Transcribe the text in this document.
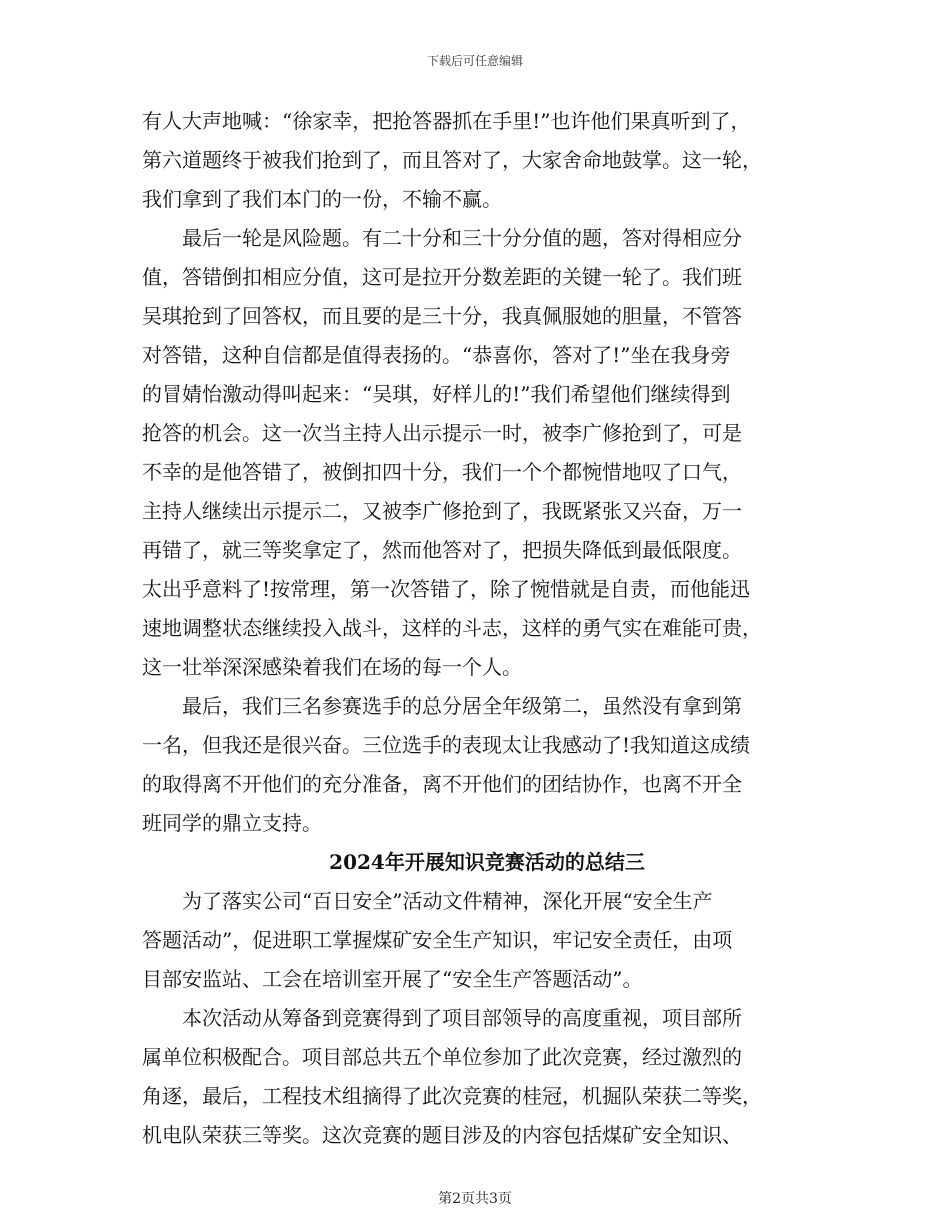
下载后可任意编辑
有人大声地喊：“徐家幸，把抢答器抓在手里!”也许他们果真听到了，
第六道题终于被我们抢到了，而且答对了，大家舍命地鼓掌。这一轮，
我们拿到了我们本门的一份，不输不赢。
　　最后一轮是风险题。有二十分和三十分分值的题，答对得相应分
值，答错倒扣相应分值，这可是拉开分数差距的关键一轮了。我们班
吴琪抢到了回答权，而且要的是三十分，我真佩服她的胆量，不管答
对答错，这种自信都是值得表扬的。“恭喜你，答对了!”坐在我身旁
的冒婧怡激动得叫起来：“吴琪，好样儿的!”我们希望他们继续得到
抢答的机会。这一次当主持人出示提示一时，被李广修抢到了，可是
不幸的是他答错了，被倒扣四十分，我们一个个都惋惜地叹了口气，
主持人继续出示提示二，又被李广修抢到了，我既紧张又兴奋，万一
再错了，就三等奖拿定了，然而他答对了，把损失降低到最低限度。
太出乎意料了!按常理，第一次答错了，除了惋惜就是自责，而他能迅
速地调整状态继续投入战斗，这样的斗志，这样的勇气实在难能可贵，
这一壮举深深感染着我们在场的每一个人。
　　最后，我们三名参赛选手的总分居全年级第二，虽然没有拿到第
一名，但我还是很兴奋。三位选手的表现太让我感动了!我知道这成绩
的取得离不开他们的充分准备，离不开他们的团结协作，也离不开全
班同学的鼎立支持。
2024年开展知识竞赛活动的总结三
　　为了落实公司“百日安全”活动文件精神，深化开展“安全生产
答题活动”，促进职工掌握煤矿安全生产知识，牢记安全责任，由项
目部安监站、工会在培训室开展了“安全生产答题活动”。
　　本次活动从筹备到竞赛得到了项目部领导的高度重视，项目部所
属单位积极配合。项目部总共五个单位参加了此次竞赛，经过激烈的
角逐，最后，工程技术组摘得了此次竞赛的桂冠，机掘队荣获二等奖，
机电队荣获三等奖。这次竞赛的题目涉及的内容包括煤矿安全知识、
第2页共3页
